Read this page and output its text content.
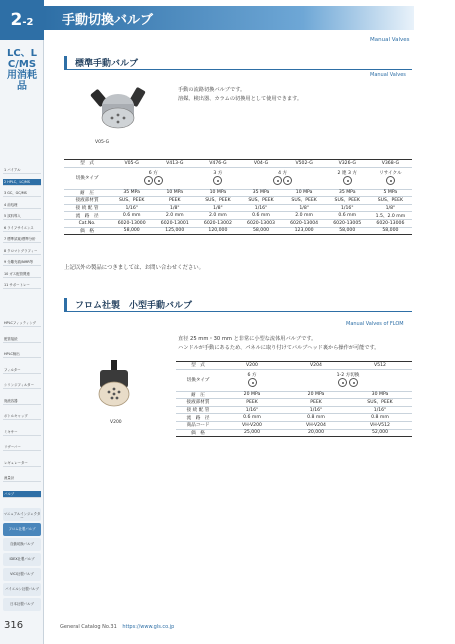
2-2
LC、LC/MS用消耗品
1 バイアル
2 HPLC、LC/MS
3 GC、GC/MS
4 前処理
5 試料導入
6 ライフサイエンス
7 標準試薬/標準分析
8 クロマトグラフィー
9 分離充填/NMR等
10 ガス配管関連
11 サポートレー
HPLCフィッティング
配管接続
HPLC検出
フィルター
シリンジフィルター
廃液容器
ボトルキャップ
ミキサー
リザーバー
レギュレーター
流量計
バルブ
マニュアルインジェクター
フロム社製バルブ
自動切換バルブ
IDEX社製バルブ
VICI社製バルブ
バイエルン社製バルブ
日本社製バルブ
手動切換バルブ
Manual Valves
標準手動バルブ
Manual Valves
V05-G
手動の流路切換バルブです。
溶媒、検出器、カラムの切換用として使用できます。
型　式	V05-G	V413-G	V476-G	V04-G	V502-G	V326-G	V368-G
切換タイプ	6 方		3 方	4 方		2 連 3 方	リサイクル

耐　圧	35 MPa	10 MPa	10 MPa	35 MPa	10 MPa	35 MPa	5 MPa
接液部材質	SUS、PEEK	PEEK	SUS、PEEK	SUS、PEEK	SUS、PEEK	SUS、PEEK	SUS、PEEK
接 続 配 管	1/16"	1/8"	1/8"	1/16"	1/8"	1/16"	1/8"
流　路　径	0.6 mm	2.0 mm	2.0 mm	0.6 mm	2.0 mm	0.6 mm	1.5、2.0 mm
Cat.No.	6020-13000	6020-13001	6020-13002	6020-13003	6020-13004	6020-13005	6020-13006
価　格	58,000	125,000	120,000	58,000	123,000	58,000	58,000
上記以外の製品につきましては、お問い合わせください。
フロム社製　小型手動バルブ
Manual Valves of FLOM
V200
直径 25 mm・30 mm と非常に小型な流体用バルブです。
ハンドルが手動にあるため、パネルに取り付けてバルブヘッド裏から操作が可能です。
型　式	V200	V204	V512
切換タイプ	6 方	1-2 方切換	

耐　圧	20 MPa	20 MPa	30 MPa
接液部材質	PEEK	PEEK	SUS、PEEK
接 続 配 管	1/16"	1/16"	1/16"
流　路　径	0.6 mm	0.8 mm	0.8 mm
商品コード	VH-V200	VH-V204	VH-V512
価　格	25,000	20,000	52,000
316	General Catalog No.31 https://www.gls.co.jp
